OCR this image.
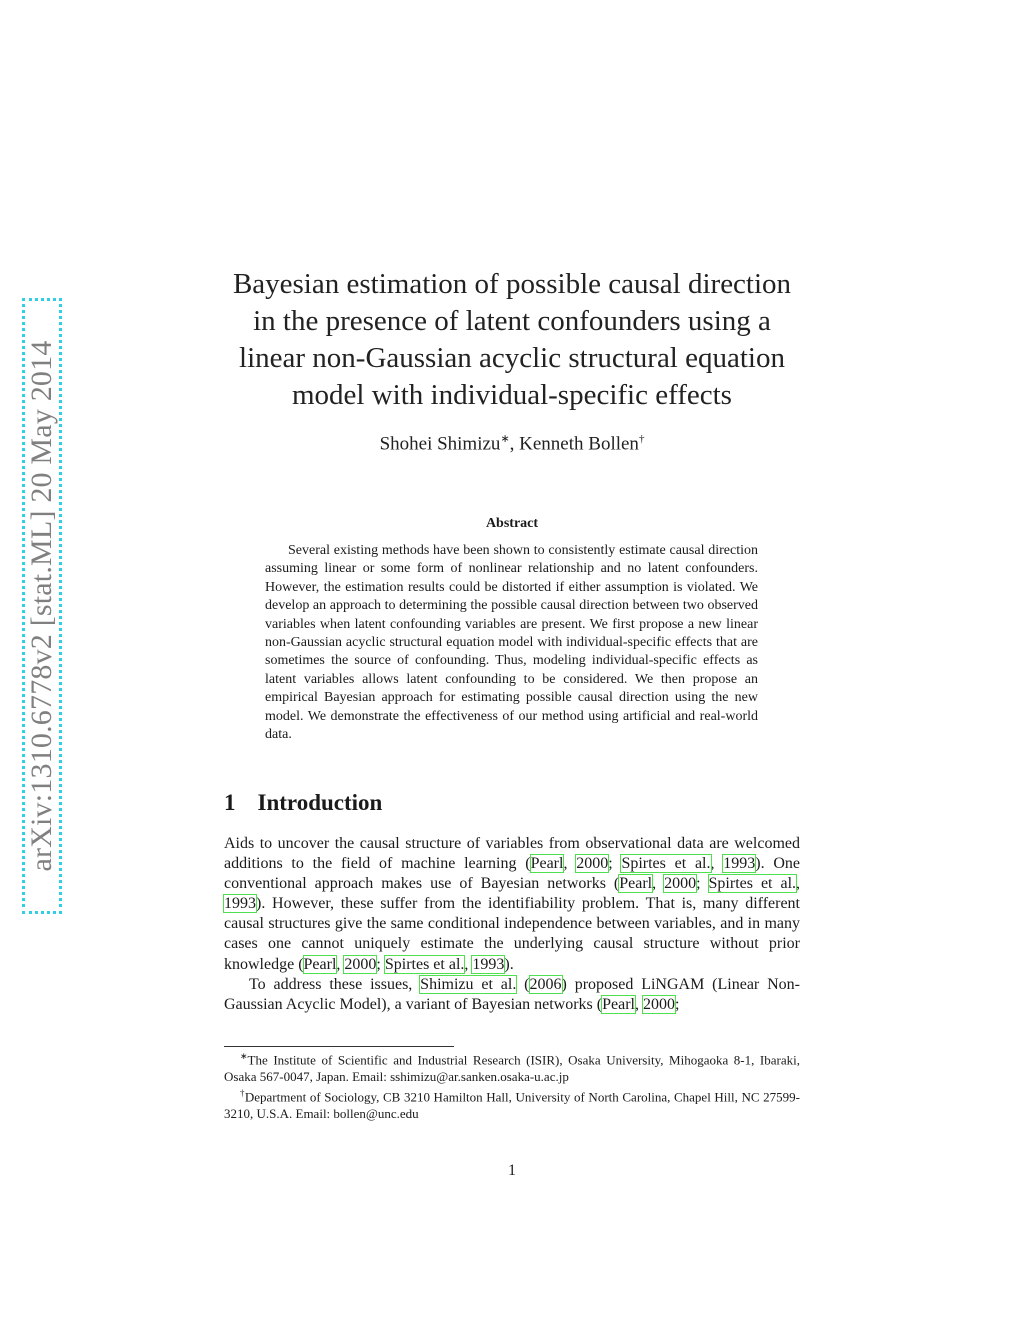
arXiv:1310.6778v2 [stat.ML] 20 May 2014
Bayesian estimation of possible causal direction
in the presence of latent confounders using a
linear non-Gaussian acyclic structural equation
model with individual-specific effects
Shohei Shimizu∗, Kenneth Bollen†
Abstract

Several existing methods have been shown to consistently estimate causal direction assuming linear or some form of nonlinear relationship and no latent confounders. However, the estimation results could be distorted if either assumption is violated. We develop an approach to determining the possible causal direction between two observed variables when latent confounding variables are present. We first propose a new linear non-Gaussian acyclic structural equation model with individual-specific effects that are sometimes the source of confounding. Thus, modeling individual-specific effects as latent variables allows latent confounding to be considered. We then propose an empirical Bayesian approach for estimating possible causal direction using the new model. We demonstrate the effectiveness of our method using artificial and real-world data.

1 Introduction

Aids to uncover the causal structure of variables from observational data are welcomed additions to the field of machine learning (Pearl, 2000; Spirtes et al., 1993). One conventional approach makes use of Bayesian networks (Pearl, 2000; Spirtes et al., 1993). However, these suffer from the identifiability problem. That is, many different causal structures give the same conditional independence between variables, and in many cases one cannot uniquely estimate the underlying causal structure without prior knowledge (Pearl, 2000; Spirtes et al., 1993).

To address these issues, Shimizu et al. (2006) proposed LiNGAM (Linear Non-Gaussian Acyclic Model), a variant of Bayesian networks (Pearl, 2000;

∗The Institute of Scientific and Industrial Research (ISIR), Osaka University, Mihogaoka 8-1, Ibaraki, Osaka 567-0047, Japan. Email: sshimizu@ar.sanken.osaka-u.ac.jp

†Department of Sociology, CB 3210 Hamilton Hall, University of North Carolina, Chapel Hill, NC 27599-3210, U.S.A. Email: bollen@unc.edu

1
